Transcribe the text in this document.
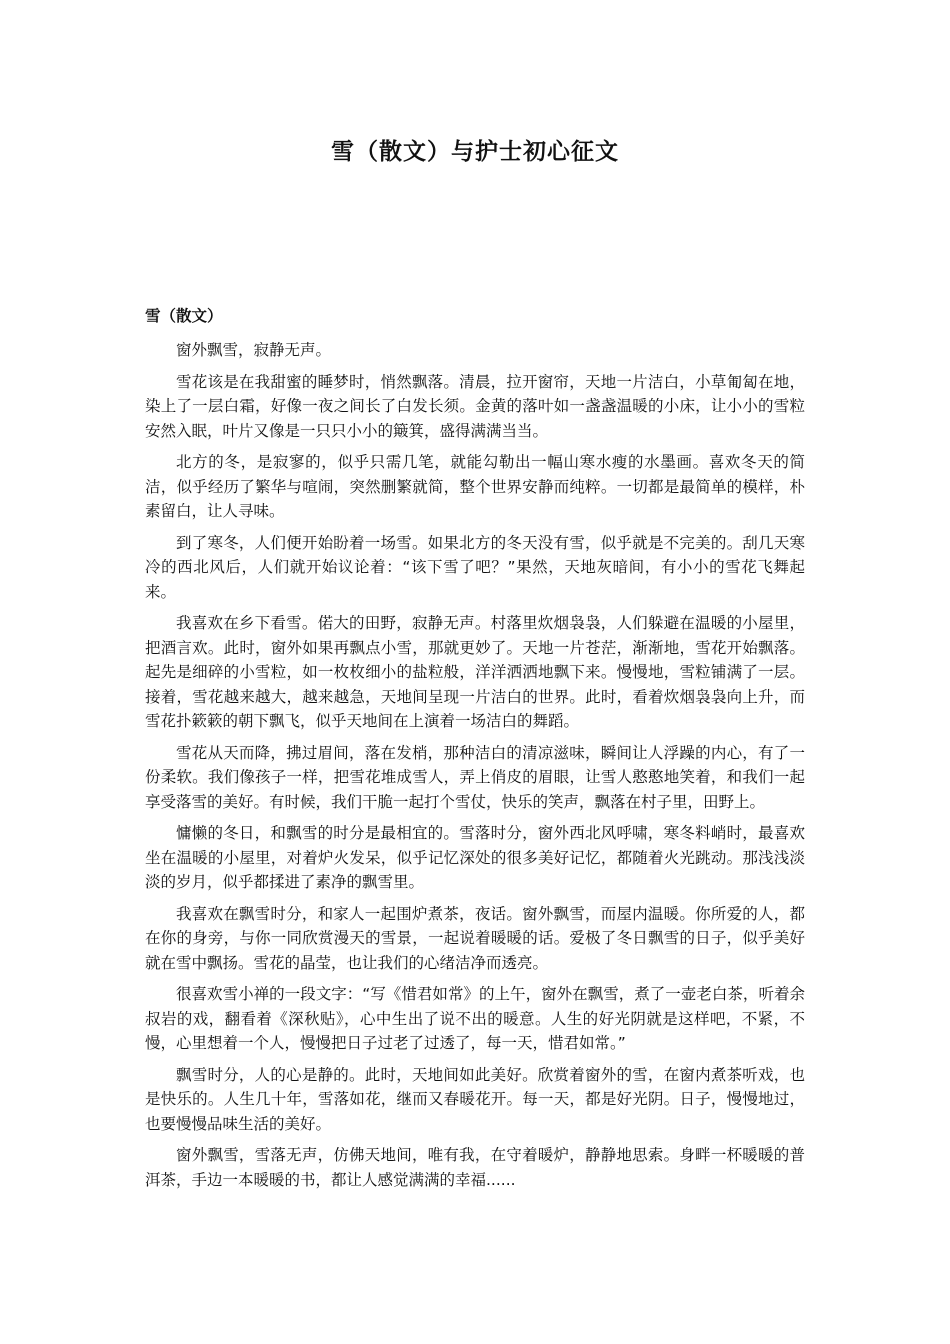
雪（散文）与护士初心征文
雪（散文）

窗外飘雪，寂静无声。

雪花该是在我甜蜜的睡梦时，悄然飘落。清晨，拉开窗帘，天地一片洁白，小草匍匐在地，染上了一层白霜，好像一夜之间长了白发长须。金黄的落叶如一盏盏温暖的小床，让小小的雪粒安然入眠，叶片又像是一只只小小的簸箕，盛得满满当当。

北方的冬，是寂寥的，似乎只需几笔，就能勾勒出一幅山寒水瘦的水墨画。喜欢冬天的简洁，似乎经历了繁华与喧闹，突然删繁就简，整个世界安静而纯粹。一切都是最简单的模样，朴素留白，让人寻味。

到了寒冬，人们便开始盼着一场雪。如果北方的冬天没有雪，似乎就是不完美的。刮几天寒冷的西北风后，人们就开始议论着：“该下雪了吧？”果然，天地灰暗间，有小小的雪花飞舞起来。

我喜欢在乡下看雪。偌大的田野，寂静无声。村落里炊烟袅袅，人们躲避在温暖的小屋里，把酒言欢。此时，窗外如果再飘点小雪，那就更妙了。天地一片苍茫，渐渐地，雪花开始飘落。起先是细碎的小雪粒，如一枚枚细小的盐粒般，洋洋洒洒地飘下来。慢慢地，雪粒铺满了一层。接着，雪花越来越大，越来越急，天地间呈现一片洁白的世界。此时，看着炊烟袅袅向上升，而雪花扑簌簌的朝下飘飞，似乎天地间在上演着一场洁白的舞蹈。

雪花从天而降，拂过眉间，落在发梢，那种洁白的清凉滋味，瞬间让人浮躁的内心，有了一份柔软。我们像孩子一样，把雪花堆成雪人，弄上俏皮的眉眼，让雪人憨憨地笑着，和我们一起享受落雪的美好。有时候，我们干脆一起打个雪仗，快乐的笑声，飘落在村子里，田野上。

慵懒的冬日，和飘雪的时分是最相宜的。雪落时分，窗外西北风呼啸，寒冬料峭时，最喜欢坐在温暖的小屋里，对着炉火发呆，似乎记忆深处的很多美好记忆，都随着火光跳动。那浅浅淡淡的岁月，似乎都揉进了素净的飘雪里。

我喜欢在飘雪时分，和家人一起围炉煮茶，夜话。窗外飘雪，而屋内温暖。你所爱的人，都在你的身旁，与你一同欣赏漫天的雪景，一起说着暖暖的话。爱极了冬日飘雪的日子，似乎美好就在雪中飘扬。雪花的晶莹，也让我们的心绪洁净而透亮。

很喜欢雪小禅的一段文字：“写《惜君如常》的上午，窗外在飘雪，煮了一壶老白茶，听着余叔岩的戏，翻看着《深秋贴》，心中生出了说不出的暖意。人生的好光阴就是这样吧，不紧，不慢，心里想着一个人，慢慢把日子过老了过透了，每一天，惜君如常。”

飘雪时分，人的心是静的。此时，天地间如此美好。欣赏着窗外的雪，在窗内煮茶听戏，也是快乐的。人生几十年，雪落如花，继而又春暖花开。每一天，都是好光阴。日子，慢慢地过，也要慢慢品味生活的美好。

窗外飘雪，雪落无声，仿佛天地间，唯有我，在守着暖炉，静静地思索。身畔一杯暖暖的普洱茶，手边一本暖暖的书，都让人感觉满满的幸福......
